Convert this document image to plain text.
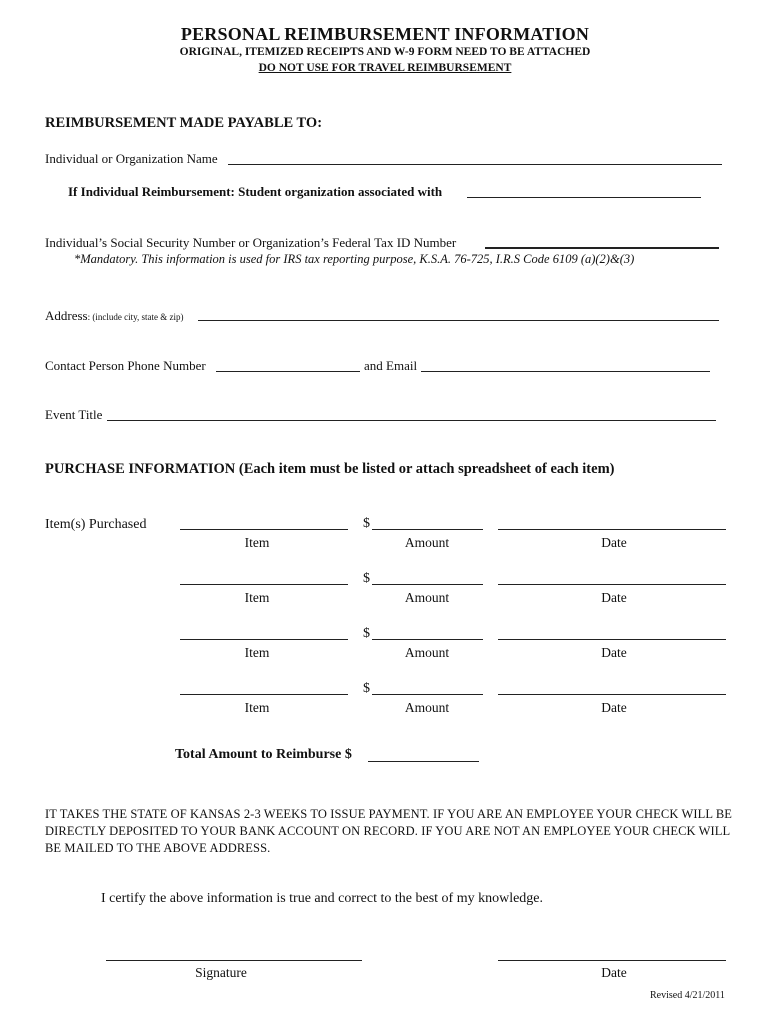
PERSONAL REIMBURSEMENT INFORMATION
ORIGINAL, ITEMIZED RECEIPTS AND W-9 FORM NEED TO BE ATTACHED
DO NOT USE FOR TRAVEL REIMBURSEMENT
REIMBURSEMENT MADE PAYABLE TO:
Individual or Organization Name
If Individual Reimbursement: Student organization associated with
Individual’s Social Security Number or Organization’s Federal Tax ID Number
*Mandatory. This information is used for IRS tax reporting purpose, K.S.A. 76-725, I.R.S Code 6109 (a)(2)&(3)
Address: (include city, state & zip)
Contact Person Phone Number	and Email
Event Title
PURCHASE INFORMATION (Each item must be listed or attach spreadsheet of each item)
Item(s) Purchased	$
Item	Amount	Date
$
Item	Amount	Date
$
Item	Amount	Date
$
Item	Amount	Date
Total Amount to Reimburse $
IT TAKES THE STATE OF KANSAS 2-3 WEEKS TO ISSUE PAYMENT. IF YOU ARE AN EMPLOYEE YOUR CHECK WILL BE DIRECTLY DEPOSITED TO YOUR BANK ACCOUNT ON RECORD. IF YOU ARE NOT AN EMPLOYEE YOUR CHECK WILL BE MAILED TO THE ABOVE ADDRESS.
I certify the above information is true and correct to the best of my knowledge.
Signature	Date
Revised 4/21/2011
